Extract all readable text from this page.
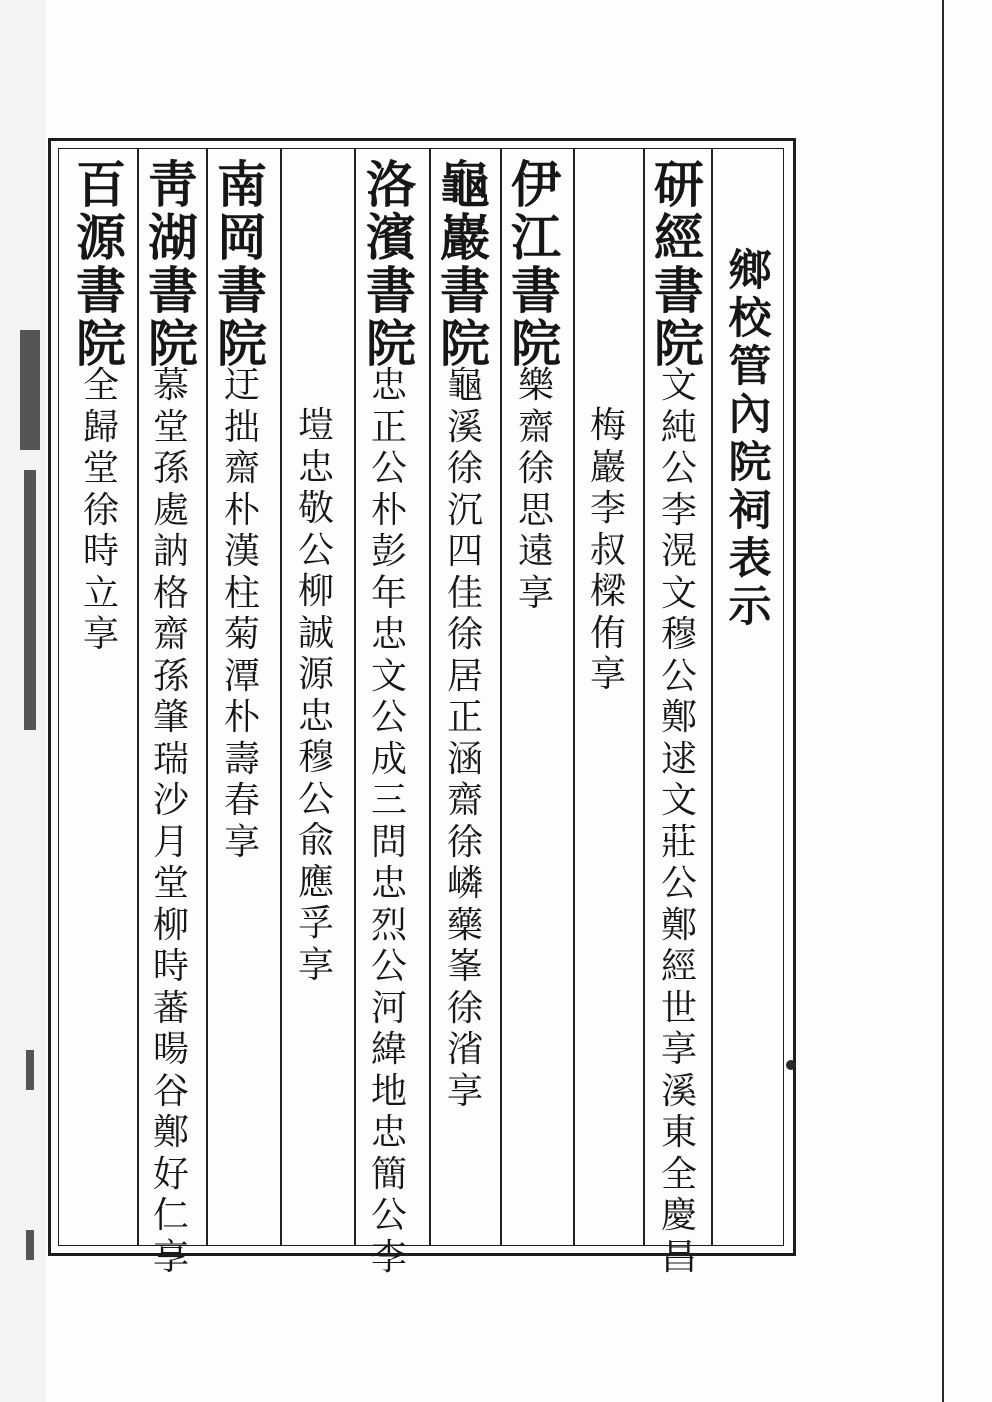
鄉
校
管
內
院
祠
表
示
研
經
書
院
文
純
公
李
滉
文
穆
公
鄭
逑
文
莊
公
鄭
經
世
享
溪
東
全
慶
昌
梅
巖
李
叔
樑
侑
享
伊
江
書
院
樂
齋
徐
思
遠
享
龜
巖
書
院
龜
溪
徐
沉
四
佳
徐
居
正
涵
齋
徐
嶙
藥
峯
徐
渻
享
洛
濱
書
院
忠
正
公
朴
彭
年
忠
文
公
成
三
問
忠
烈
公
河
緯
地
忠
簡
公
李
塏
忠
敬
公
柳
誠
源
忠
穆
公
兪
應
孚
享
南
岡
書
院
迂
拙
齋
朴
漢
柱
菊
潭
朴
壽
春
享
靑
湖
書
院
慕
堂
孫
處
訥
格
齋
孫
肇
瑞
沙
月
堂
柳
時
蕃
暘
谷
鄭
好
仁
享
百
源
書
院
全
歸
堂
徐
時
立
享
